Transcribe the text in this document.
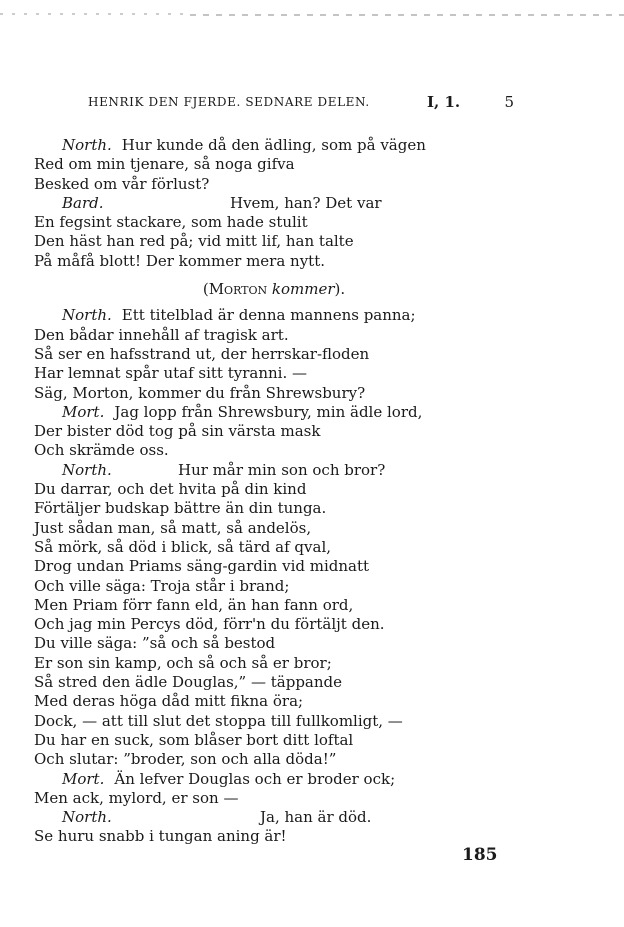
HENRIK DEN FJERDE. SEDNARE DELEN.	I, 1.	5
North. Hur kunde då den ädling, som på vägen
Red om min tjenare, så noga gifva
Besked om vår förlust?
Bard.	Hvem, han? Det var
En fegsint stackare, som hade stulit
Den häst han red på; vid mitt lif, han talte
På måfå blott! Der kommer mera nytt.
(Morton kommer).
North. Ett titelblad är denna mannens panna;
Den bådar innehåll af tragisk art.
Så ser en hafsstrand ut, der herrskar-floden
Har lemnat spår utaf sitt tyranni. —
Säg, Morton, kommer du från Shrewsbury?
Mort. Jag lopp från Shrewsbury, min ädle lord,
Der bister död tog på sin värsta mask
Och skrämde oss.
North.	Hur mår min son och bror?
Du darrar, och det hvita på din kind
Förtäljer budskap bättre än din tunga.
Just sådan man, så matt, så andelös,
Så mörk, så död i blick, så tärd af qval,
Drog undan Priams säng-gardin vid midnatt
Och ville säga: Troja står i brand;
Men Priam förr fann eld, än han fann ord,
Och jag min Percys död, förr'n du förtäljt den.
Du ville säga: ”så och så bestod
Er son sin kamp, och så och så er bror;
Så stred den ädle Douglas,” — täppande
Med deras höga dåd mitt fikna öra;
Dock, — att till slut det stoppa till fullkomligt, —
Du har en suck, som blåser bort ditt loftal
Och slutar: ”broder, son och alla döda!”
Mort. Än lefver Douglas och er broder ock;
Men ack, mylord, er son —
North.	Ja, han är död.
Se huru snabb i tungan aning är!
185
